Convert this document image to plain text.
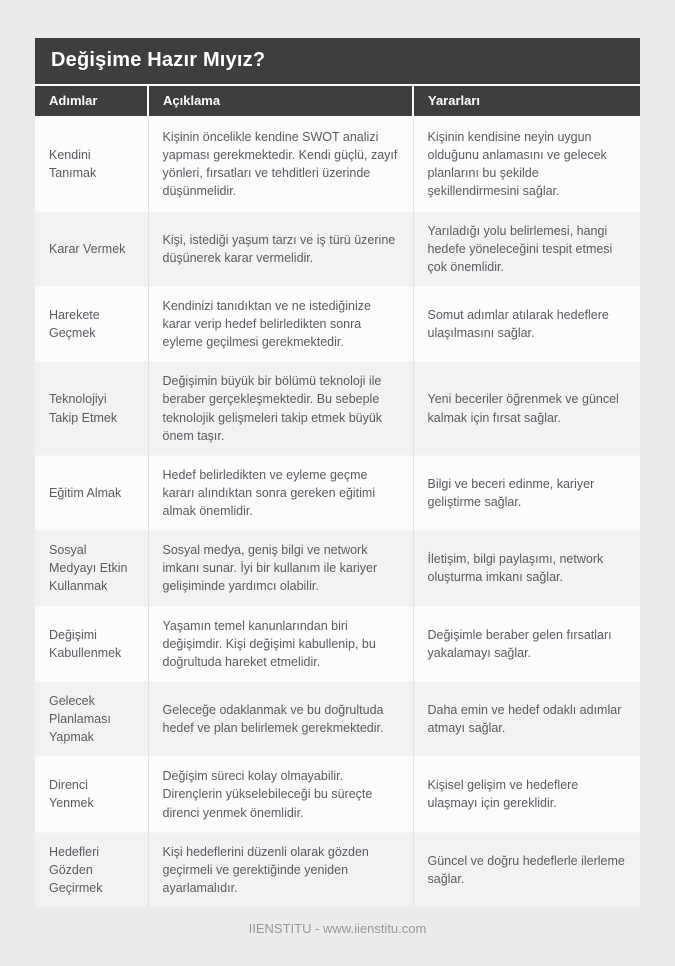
Değişime Hazır Mıyız?
Adımlar	Açıklama	Yararları
Kendini Tanımak	Kişinin öncelikle kendine SWOT analizi yapması gerekmektedir. Kendi güçlü, zayıf yönleri, fırsatları ve tehditleri üzerinde düşünmelidir.	Kişinin kendisine neyin uygun olduğunu anlamasını ve gelecek planlarını bu şekilde şekillendirmesini sağlar.
Karar Vermek	Kişi, istediği yaşum tarzı ve iş türü üzerine düşünerek karar vermelidir.	Yarıladığı yolu belirlemesi, hangi hedefe yöneleceğini tespit etmesi çok önemlidir.
Harekete Geçmek	Kendinizi tanıdıktan ve ne istediğinize karar verip hedef belirledikten sonra eyleme geçilmesi gerekmektedir.	Somut adımlar atılarak hedeflere ulaşılmasını sağlar.
Teknolojiyi Takip Etmek	Değişimin büyük bir bölümü teknoloji ile beraber gerçekleşmektedir. Bu sebeple teknolojik gelişmeleri takip etmek büyük önem taşır.	Yeni beceriler öğrenmek ve güncel kalmak için fırsat sağlar.
Eğitim Almak	Hedef belirledikten ve eyleme geçme kararı alındıktan sonra gereken eğitimi almak önemlidir.	Bilgi ve beceri edinme, kariyer geliştirme sağlar.
Sosyal Medyayı Etkin Kullanmak	Sosyal medya, geniş bilgi ve network imkanı sunar. İyi bir kullanım ile kariyer gelişiminde yardımcı olabilir.	İletişim, bilgi paylaşımı, network oluşturma imkanı sağlar.
Değişimi Kabullenmek	Yaşamın temel kanunlarından biri değişimdir. Kişi değişimi kabullenip, bu doğrultuda hareket etmelidir.	Değişimle beraber gelen fırsatları yakalamayı sağlar.
Gelecek Planlaması Yapmak	Geleceğe odaklanmak ve bu doğrultuda hedef ve plan belirlemek gerekmektedir.	Daha emin ve hedef odaklı adımlar atmayı sağlar.
Direnci Yenmek	Değişim süreci kolay olmayabilir. Dirençlerin yükselebileceği bu süreçte direnci yenmek önemlidir.	Kişisel gelişim ve hedeflere ulaşmayı için gereklidir.
Hedefleri Gözden Geçirmek	Kişi hedeflerini düzenli olarak gözden geçirmeli ve gerektiğinde yeniden ayarlamalıdır.	Güncel ve doğru hedeflerle ilerleme sağlar.
IIENSTITU - www.iienstitu.com
